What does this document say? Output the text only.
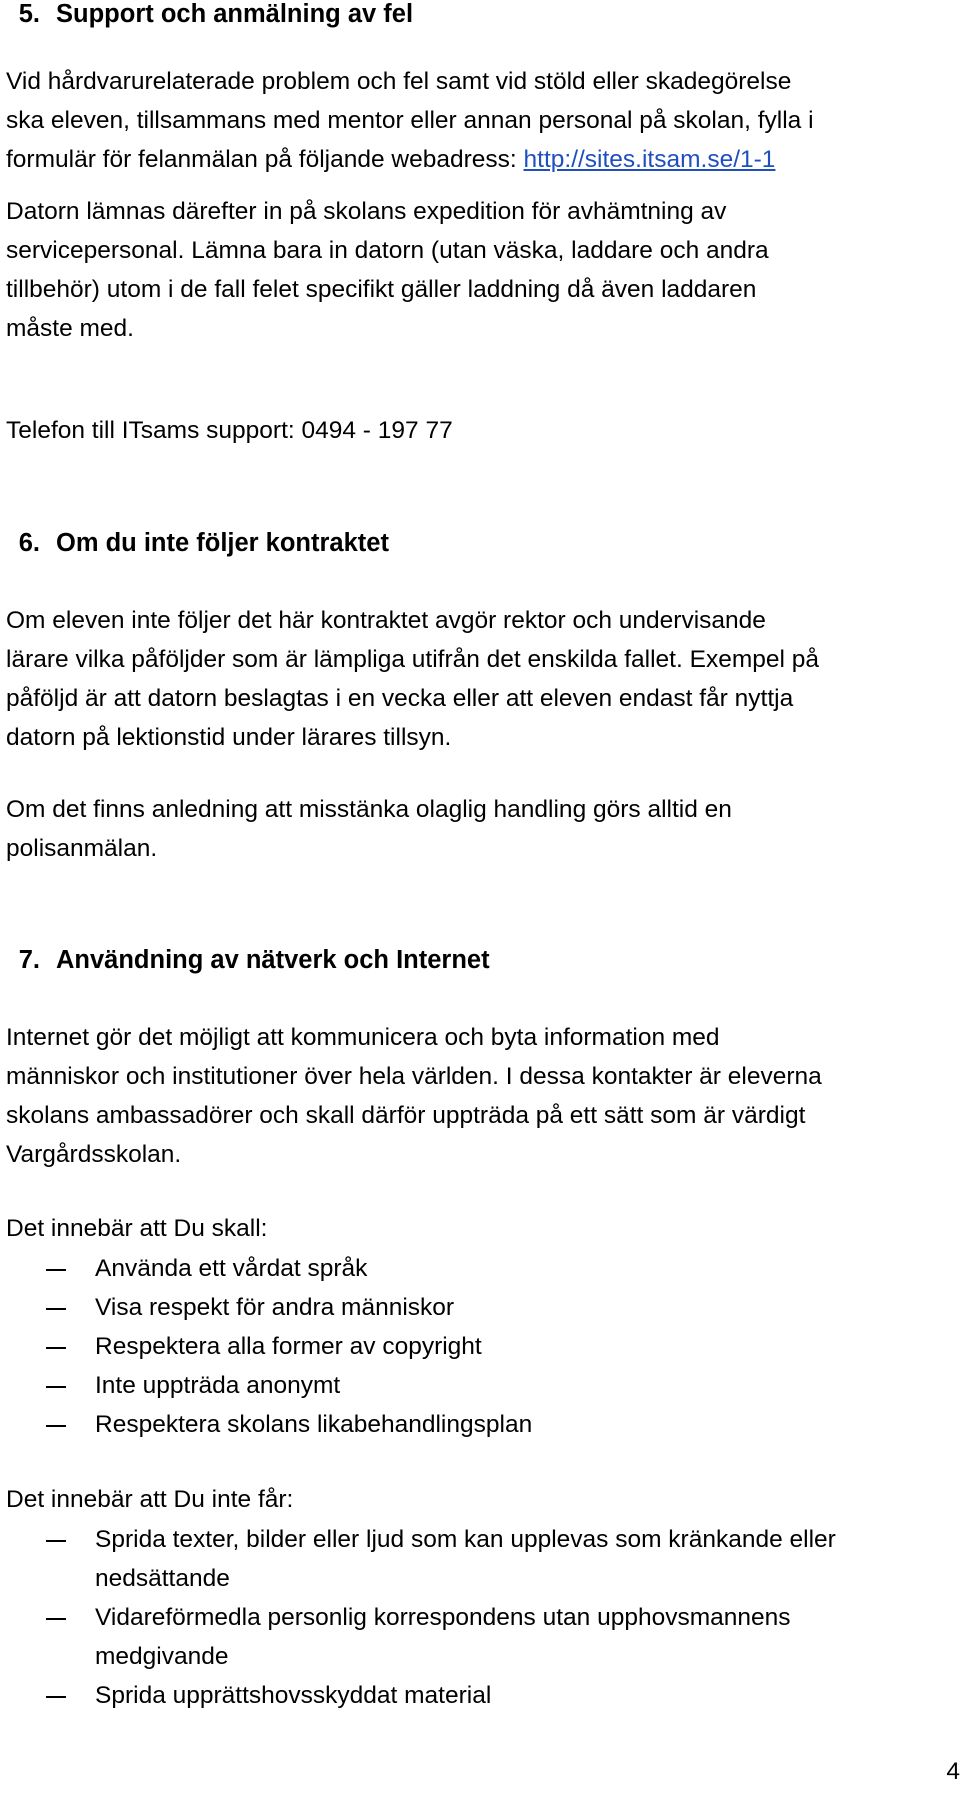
5. Support och anmälning av fel
Vid hårdvarurelaterade problem och fel samt vid stöld eller skadegörelse
ska eleven, tillsammans med mentor eller annan personal på skolan, fylla i
formulär för felanmälan på följande webadress: http://sites.itsam.se/1-1
Datorn lämnas därefter in på skolans expedition för avhämtning av
servicepersonal. Lämna bara in datorn (utan väska, laddare och andra
tillbehör) utom i de fall felet specifikt gäller laddning då även laddaren
måste med.
Telefon till ITsams support: 0494 - 197 77
6. Om du inte följer kontraktet
Om eleven inte följer det här kontraktet avgör rektor och undervisande
lärare vilka påföljder som är lämpliga utifrån det enskilda fallet. Exempel på
påföljd är att datorn beslagtas i en vecka eller att eleven endast får nyttja
datorn på lektionstid under lärares tillsyn.
Om det finns anledning att misstänka olaglig handling görs alltid en
polisanmälan.
7. Användning av nätverk och Internet
Internet gör det möjligt att kommunicera och byta information med
människor och institutioner över hela världen. I dessa kontakter är eleverna
skolans ambassadörer och skall därför uppträda på ett sätt som är värdigt
Vargårdsskolan.
Det innebär att Du skall:
Använda ett vårdat språk
Visa respekt för andra människor
Respektera alla former av copyright
Inte uppträda anonymt
Respektera skolans likabehandlingsplan
Det innebär att Du inte får:
Sprida texter, bilder eller ljud som kan upplevas som kränkande eller
nedsättande
Vidareförmedla personlig korrespondens utan upphovsmannens
medgivande
Sprida upprättshovsskyddat material
4
